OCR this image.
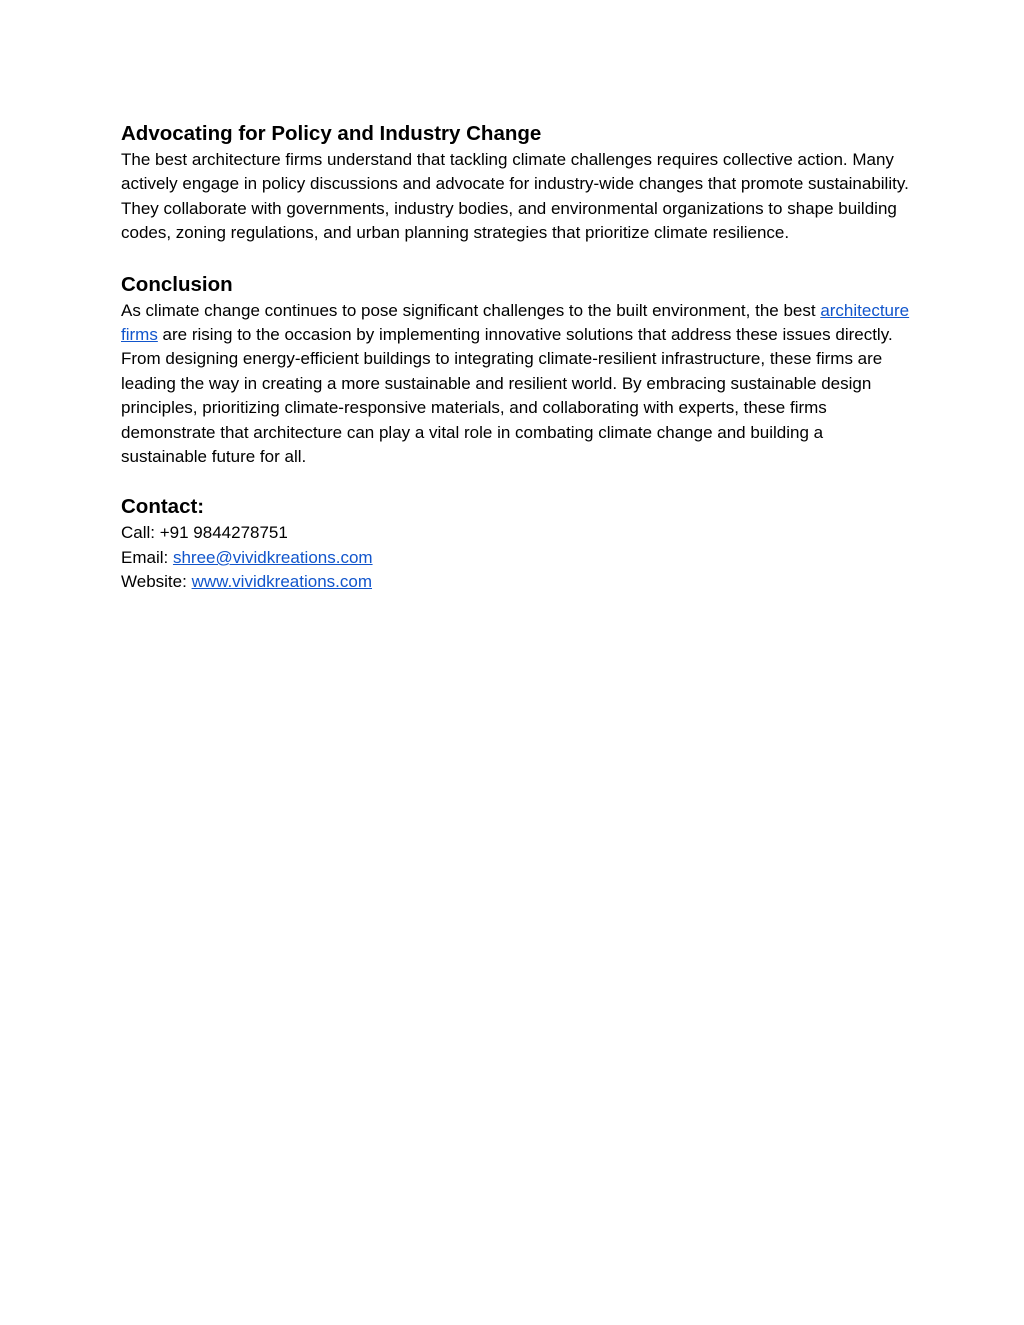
Advocating for Policy and Industry Change

The best architecture firms understand that tackling climate challenges requires collective action. Many actively engage in policy discussions and advocate for industry-wide changes that promote sustainability. They collaborate with governments, industry bodies, and environmental organizations to shape building codes, zoning regulations, and urban planning strategies that prioritize climate resilience.

Conclusion

As climate change continues to pose significant challenges to the built environment, the best architecture firms are rising to the occasion by implementing innovative solutions that address these issues directly. From designing energy-efficient buildings to integrating climate-resilient infrastructure, these firms are leading the way in creating a more sustainable and resilient world. By embracing sustainable design principles, prioritizing climate-responsive materials, and collaborating with experts, these firms demonstrate that architecture can play a vital role in combating climate change and building a sustainable future for all.

Contact:
Call: +91 9844278751
Email: shree@vividkreations.com
Website: www.vividkreations.com
